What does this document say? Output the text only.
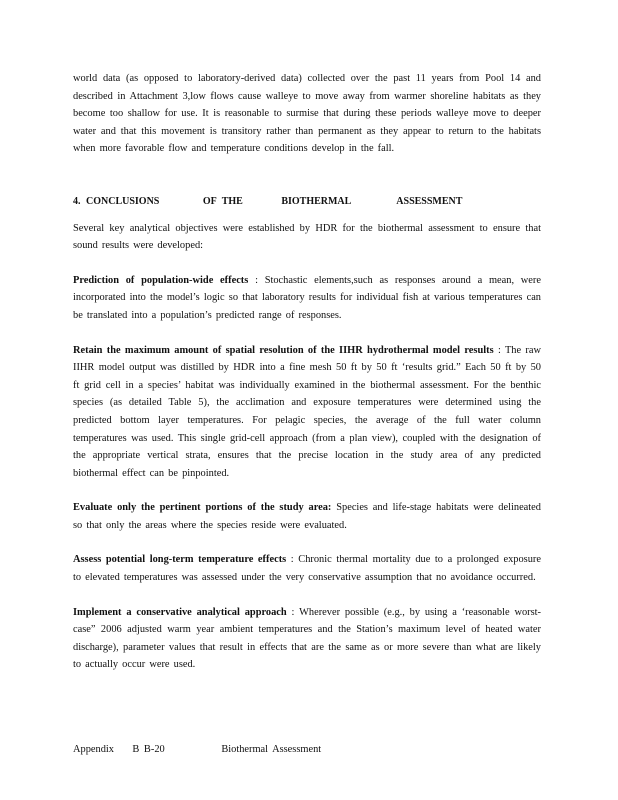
world data (as opposed to laboratory-derived data) collected over the past 11 years from Pool 14 and described in Attachment 3,low flows cause walleye to move away from warmer shoreline habitats as they become too shallow for use. It is reasonable to surmise that during these periods walleye move to deeper water and that this movement is transitory rather than permanent as they appear to return to the habitats when more favorable flow and temperature conditions develop in the fall.

4. CONCLUSIONS	OF THE	BIOTHERMAL	ASSESSMENT

Several key analytical objectives were established by HDR for the biothermal assessment to ensure that sound results were developed:

Prediction of population-wide effects : Stochastic elements,such as responses around a mean, were incorporated into the model’s logic so that laboratory results for individual fish at various temperatures can be translated into a population’s predicted range of responses.

Retain the maximum amount of spatial resolution of the IIHR hydrothermal model results : The raw IIHR model output was distilled by HDR into a fine mesh 50 ft by 50 ft ‘results grid.” Each 50 ft by 50 ft grid cell in a species’ habitat was individually examined in the biothermal assessment. For the benthic species (as detailed Table 5), the acclimation and exposure temperatures were determined using the predicted bottom layer temperatures. For pelagic species, the average of the full water column temperatures was used. This single grid-cell approach (from a plan view), coupled with the designation of the appropriate vertical strata, ensures that the precise location in the study area of any predicted biothermal effect can be pinpointed.

Evaluate only the pertinent portions of the study area: Species and life-stage habitats were delineated so that only the areas where the species reside were evaluated.

Assess potential long-term temperature effects : Chronic thermal mortality due to a prolonged exposure to elevated temperatures was assessed under the very conservative assumption that no avoidance occurred.

Implement a conservative analytical approach : Wherever possible (e.g., by using a ‘reasonable worst-case” 2006 adjusted warm year ambient temperatures and the Station’s maximum level of heated water discharge), parameter values that result in effects that are the same as or more severe than what are likely to actually occur were used.

Appendix B B-20	Biothermal Assessment
